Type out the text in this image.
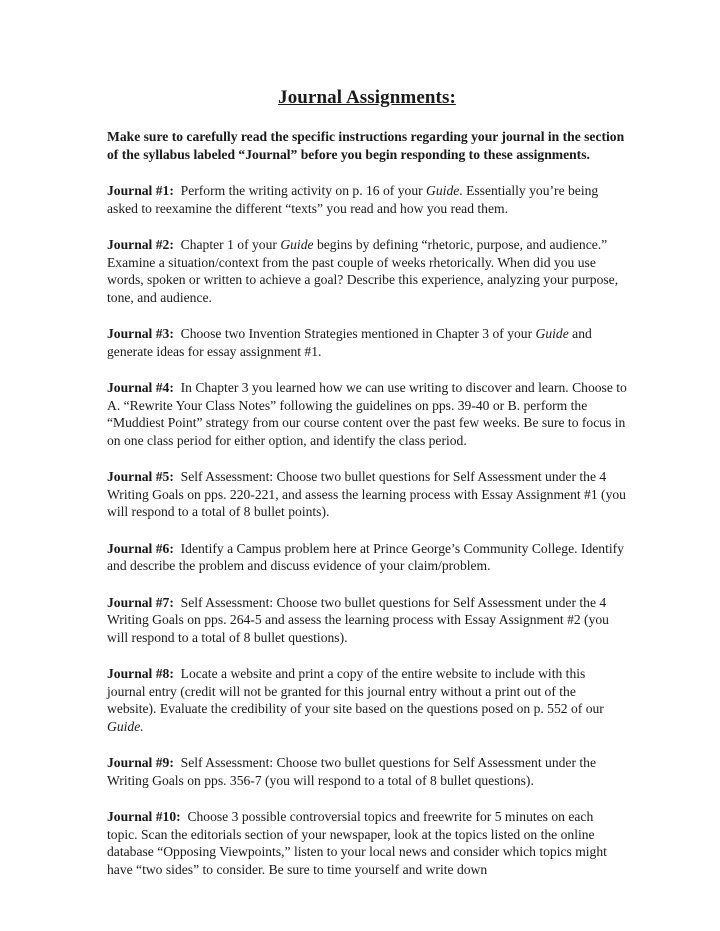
Journal Assignments:
Make sure to carefully read the specific instructions regarding your journal in the section of the syllabus labeled “Journal” before you begin responding to these assignments.
Journal #1: Perform the writing activity on p. 16 of your Guide. Essentially you’re being asked to reexamine the different “texts” you read and how you read them.
Journal #2: Chapter 1 of your Guide begins by defining “rhetoric, purpose, and audience.” Examine a situation/context from the past couple of weeks rhetorically. When did you use words, spoken or written to achieve a goal? Describe this experience, analyzing your purpose, tone, and audience.
Journal #3: Choose two Invention Strategies mentioned in Chapter 3 of your Guide and generate ideas for essay assignment #1.
Journal #4: In Chapter 3 you learned how we can use writing to discover and learn. Choose to A. “Rewrite Your Class Notes” following the guidelines on pps. 39-40 or B. perform the “Muddiest Point” strategy from our course content over the past few weeks. Be sure to focus in on one class period for either option, and identify the class period.
Journal #5: Self Assessment: Choose two bullet questions for Self Assessment under the 4 Writing Goals on pps. 220-221, and assess the learning process with Essay Assignment #1 (you will respond to a total of 8 bullet points).
Journal #6: Identify a Campus problem here at Prince George’s Community College. Identify and describe the problem and discuss evidence of your claim/problem.
Journal #7: Self Assessment: Choose two bullet questions for Self Assessment under the 4 Writing Goals on pps. 264-5 and assess the learning process with Essay Assignment #2 (you will respond to a total of 8 bullet questions).
Journal #8: Locate a website and print a copy of the entire website to include with this journal entry (credit will not be granted for this journal entry without a print out of the website). Evaluate the credibility of your site based on the questions posed on p. 552 of our Guide.
Journal #9: Self Assessment: Choose two bullet questions for Self Assessment under the Writing Goals on pps. 356-7 (you will respond to a total of 8 bullet questions).
Journal #10: Choose 3 possible controversial topics and freewrite for 5 minutes on each topic. Scan the editorials section of your newspaper, look at the topics listed on the online database “Opposing Viewpoints,” listen to your local news and consider which topics might have “two sides” to consider. Be sure to time yourself and write down
